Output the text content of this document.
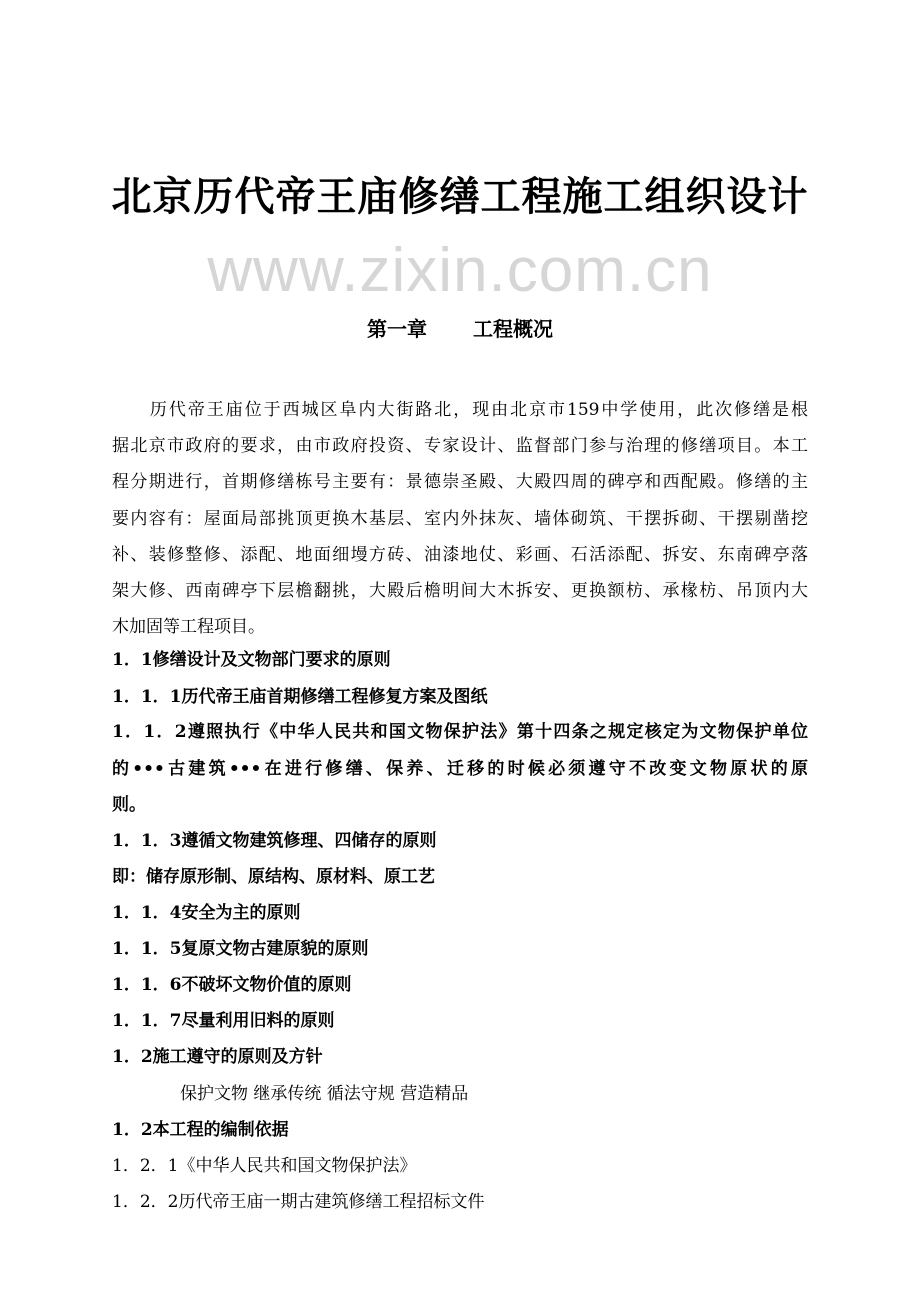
北京历代帝王庙修缮工程施工组织设计
www.zixin.com.cn
第一章 工程概况
　　历代帝王庙位于西城区阜内大街路北，现由北京市159中学使用，此次修缮是根
据北京市政府的要求，由市政府投资、专家设计、监督部门参与治理的修缮项目。本工
程分期进行，首期修缮栋号主要有：景德崇圣殿、大殿四周的碑亭和西配殿。修缮的主
要内容有：屋面局部挑顶更换木基层、室内外抹灰、墙体砌筑、干摆拆砌、干摆剔凿挖
补、装修整修、添配、地面细墁方砖、油漆地仗、彩画、石活添配、拆安、东南碑亭落
架大修、西南碑亭下层檐翻挑，大殿后檐明间大木拆安、更换额枋、承椽枋、吊顶内大
木加固等工程项目。
1．1修缮设计及文物部门要求的原则
1．1．1历代帝王庙首期修缮工程修复方案及图纸
1．1．2遵照执行《中华人民共和国文物保护法》第十四条之规定核定为文物保护单位
的•••古建筑•••在进行修缮、保养、迁移的时候必须遵守不改变文物原状的原
则。
1．1．3遵循文物建筑修理、四储存的原则
即：储存原形制、原结构、原材料、原工艺
1．1．4安全为主的原则
1．1．5复原文物古建原貌的原则
1．1．6不破坏文物价值的原则
1．1．7尽量利用旧料的原则
1．2施工遵守的原则及方针
　　　　保护文物 继承传统 循法守规 营造精品
1．2本工程的编制依据
1．2．1《中华人民共和国文物保护法》
1．2．2历代帝王庙一期古建筑修缮工程招标文件
